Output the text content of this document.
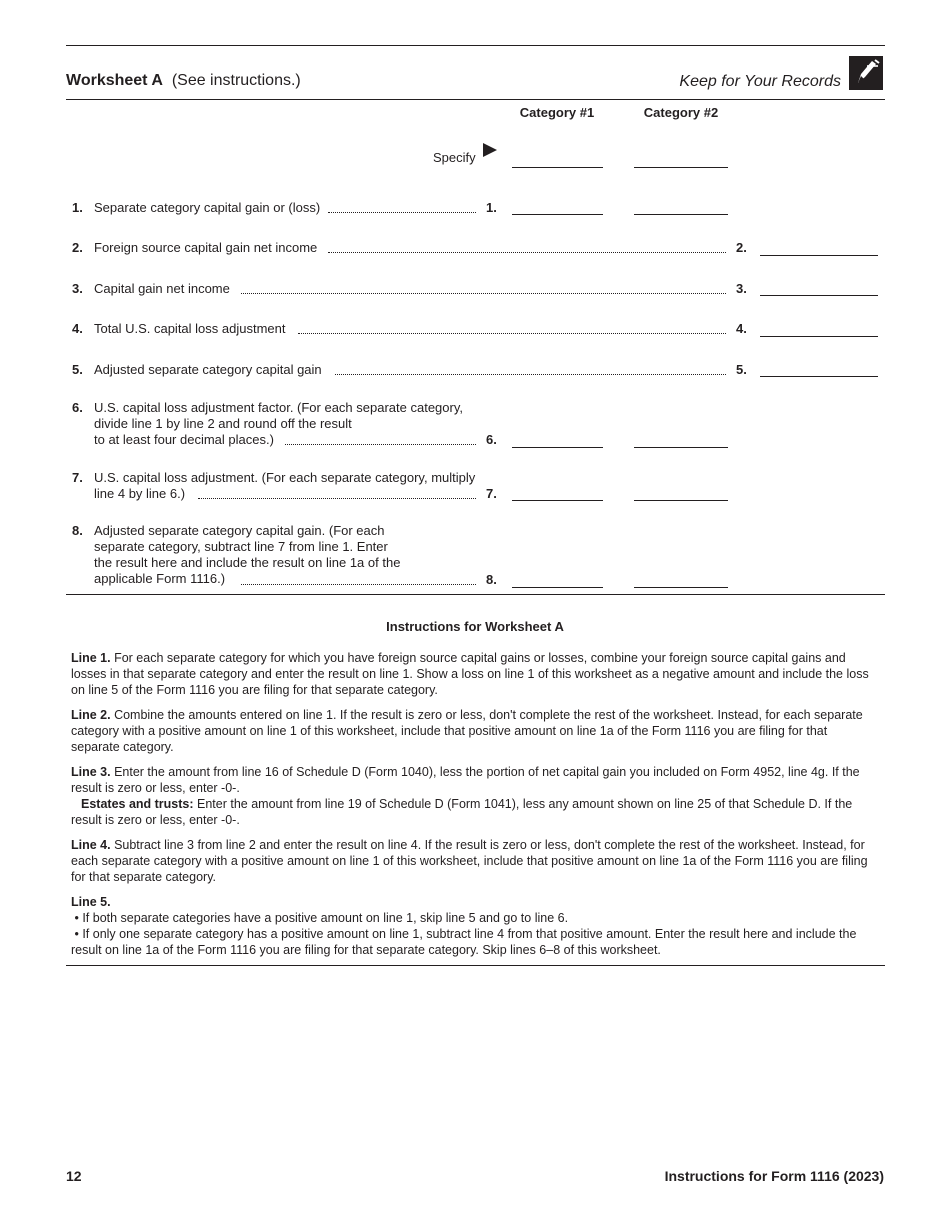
Worksheet A (See instructions.)	Keep for Your Records
Category #1	Category #2
Specify
1. Separate category capital gain or (loss)	1.
2. Foreign source capital gain net income	2.
3. Capital gain net income	3.
4. Total U.S. capital loss adjustment	4.
5. Adjusted separate category capital gain	5.
6. U.S. capital loss adjustment factor. (For each separate category,
divide line 1 by line 2 and round off the result
to at least four decimal places.)	6.
7. U.S. capital loss adjustment. (For each separate category, multiply
line 4 by line 6.)	7.
8. Adjusted separate category capital gain. (For each
separate category, subtract line 7 from line 1. Enter
the result here and include the result on line 1a of the
applicable Form 1116.)	8.
Instructions for Worksheet A
Line 1. For each separate category for which you have foreign source capital gains or losses, combine your foreign source capital gains and losses in that separate category and enter the result on line 1. Show a loss on line 1 of this worksheet as a negative amount and include the loss on line 5 of the Form 1116 you are filing for that separate category.
Line 2. Combine the amounts entered on line 1. If the result is zero or less, don't complete the rest of the worksheet. Instead, for each separate category with a positive amount on line 1 of this worksheet, include that positive amount on line 1a of the Form 1116 you are filing for that separate category.
Line 3. Enter the amount from line 16 of Schedule D (Form 1040), less the portion of net capital gain you included on Form 4952, line 4g. If the result is zero or less, enter -0-.
Estates and trusts: Enter the amount from line 19 of Schedule D (Form 1041), less any amount shown on line 25 of that Schedule D. If the result is zero or less, enter -0-.
Line 4. Subtract line 3 from line 2 and enter the result on line 4. If the result is zero or less, don't complete the rest of the worksheet. Instead, for each separate category with a positive amount on line 1 of this worksheet, include that positive amount on line 1a of the Form 1116 you are filing for that separate category.
Line 5.
• If both separate categories have a positive amount on line 1, skip line 5 and go to line 6.
• If only one separate category has a positive amount on line 1, subtract line 4 from that positive amount. Enter the result here and include the result on line 1a of the Form 1116 you are filing for that separate category. Skip lines 6–8 of this worksheet.
12	Instructions for Form 1116 (2023)
